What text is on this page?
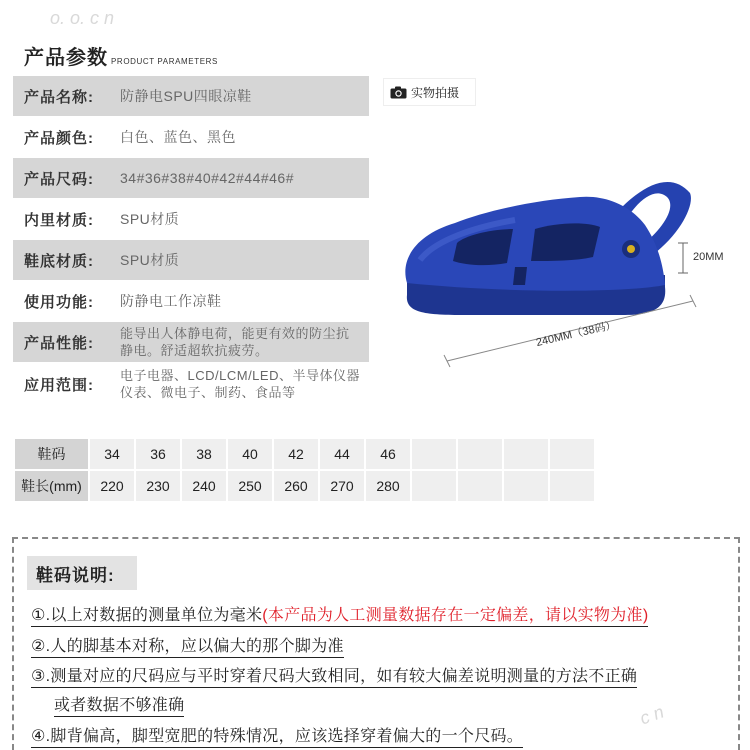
o. o. c n
c n
产品参数 PRODUCT PARAMETERS
产品名称:	防静电SPU四眼凉鞋
产品颜色:	白色、蓝色、黑色
产品尺码:	34#36#38#40#42#44#46#
内里材质:	SPU材质
鞋底材质:	SPU材质
使用功能:	防静电工作凉鞋
产品性能:
能导出人体静电荷，能更有效的防尘抗静电。舒适超软抗疲劳。
应用范围:
电子电器、LCD/LCM/LED、半导体仪器仪表、微电子、制药、食品等
实物拍摄
20MM
240MM（38码）
鞋码	34	36	38	40	42	44	46				
鞋长(mm)	220	230	240	250	260	270	280				
鞋码说明:
①.以上对数据的测量单位为毫米(本产品为人工测量数据存在一定偏差，请以实物为准)
②.人的脚基本对称，应以偏大的那个脚为准
③.测量对应的尺码应与平时穿着尺码大致相同，如有较大偏差说明测量的方法不正确
或者数据不够准确
④.脚背偏高，脚型宽肥的特殊情况，应该选择穿着偏大的一个尺码。
